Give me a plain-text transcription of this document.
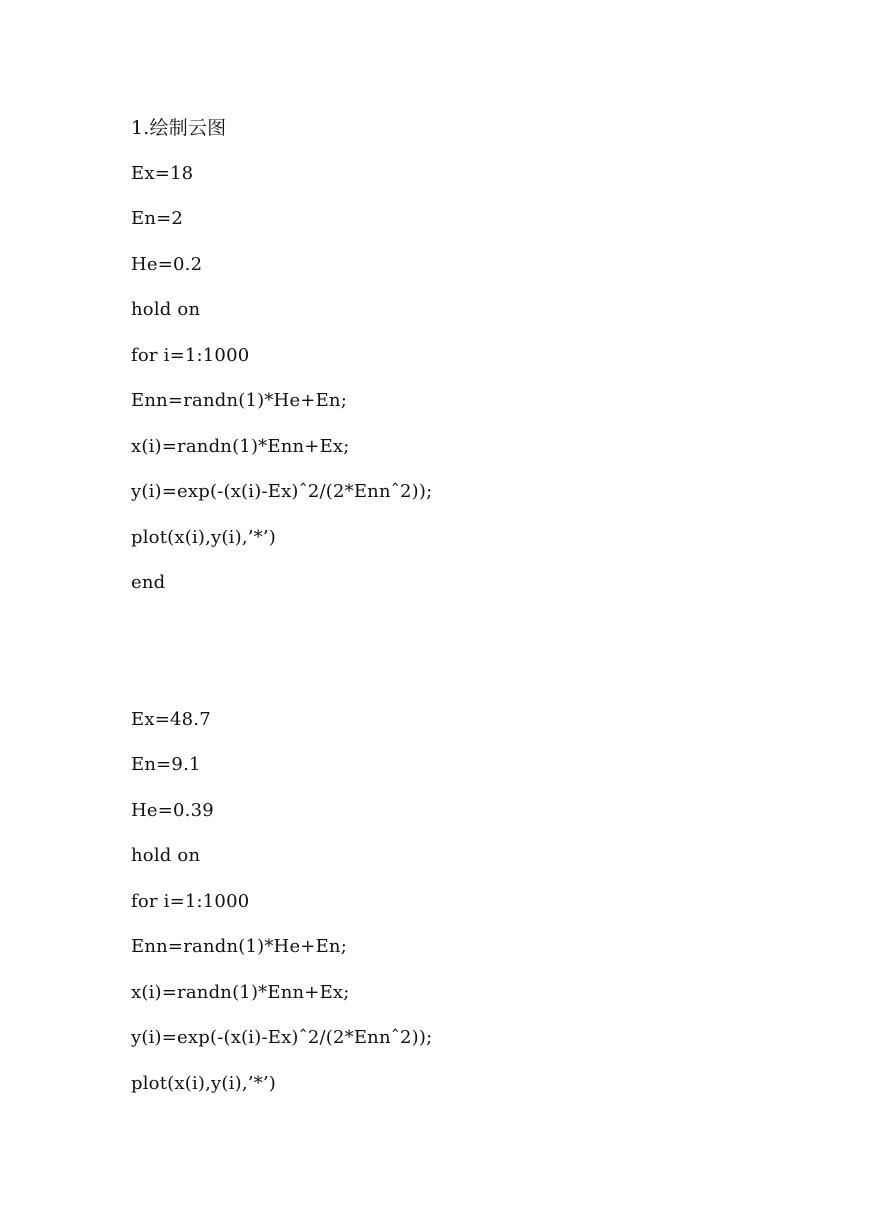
1.绘制云图
Ex=18
En=2
He=0.2
hold on
for i=1:1000
Enn=randn(1)*He+En;
x(i)=randn(1)*Enn+Ex;
y(i)=exp(-(x(i)-Ex)ˆ2/(2*Ennˆ2));
plot(x(i),y(i),’*’)
end
Ex=48.7
En=9.1
He=0.39
hold on
for i=1:1000
Enn=randn(1)*He+En;
x(i)=randn(1)*Enn+Ex;
y(i)=exp(-(x(i)-Ex)ˆ2/(2*Ennˆ2));
plot(x(i),y(i),’*’)
